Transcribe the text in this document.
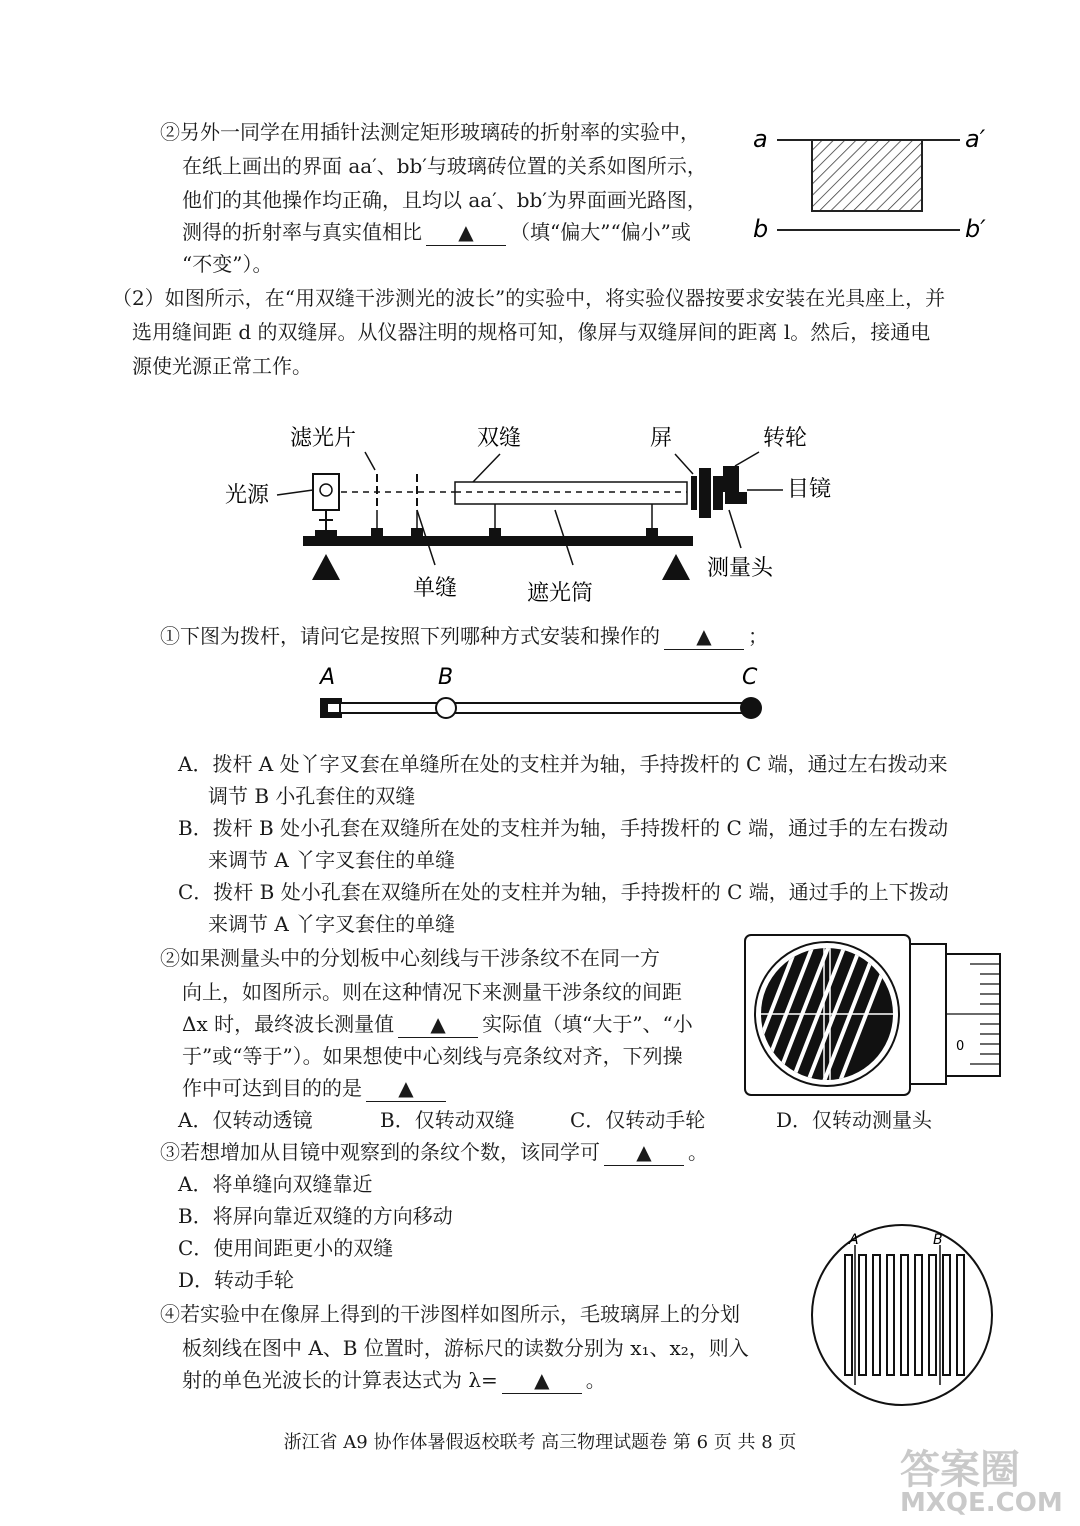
②另外一同学在用插针法测定矩形玻璃砖的折射率的实验中，
在纸上画出的界面 aa′、bb′与玻璃砖位置的关系如图所示，
他们的其他操作均正确，且均以 aa′、bb′为界面画光路图，
测得的折射率与真实值相比 ▲ （填“偏大”“偏小”或
“不变”）。
a	a′
b	b′
（2）如图所示，在“用双缝干涉测光的波长”的实验中，将实验仪器按要求安装在光具座上，并
选用缝间距 d 的双缝屏。从仪器注明的规格可知，像屏与双缝屏间的距离 l。然后，接通电
源使光源正常工作。
滤光片	双缝	屏	转轮
光源	目镜
单缝	遮光筒
测量头
①下图为拨杆，请问它是按照下列哪种方式安装和操作的 ▲ ；
A	B	C
A．拨杆 A 处丫字叉套在单缝所在处的支柱并为轴，手持拨杆的 C 端，通过左右拨动来
调节 B 小孔套住的双缝
B．拨杆 B 处小孔套在双缝所在处的支柱并为轴，手持拨杆的 C 端，通过手的左右拨动
来调节 A 丫字叉套住的单缝
C．拨杆 B 处小孔套在双缝所在处的支柱并为轴，手持拨杆的 C 端，通过手的上下拨动
来调节 A 丫字叉套住的单缝
②如果测量头中的分划板中心刻线与干涉条纹不在同一方
向上，如图所示。则在这种情况下来测量干涉条纹的间距
Δx 时，最终波长测量值 ▲ 实际值（填“大于”、“小
于”或“等于”）。如果想使中心刻线与亮条纹对齐，下列操
作中可达到目的的是 ▲
A．仅转动透镜	B．仅转动双缝	C．仅转动手轮	D．仅转动测量头
0
③若想增加从目镜中观察到的条纹个数，该同学可 ▲ 。
A．将单缝向双缝靠近
B．将屏向靠近双缝的方向移动
C．使用间距更小的双缝
D．转动手轮
④若实验中在像屏上得到的干涉图样如图所示，毛玻璃屏上的分划
板刻线在图中 A、B 位置时，游标尺的读数分别为 x₁、x₂，则入
射的单色光波长的计算表达式为 λ= ▲ 。
A	B
浙江省 A9 协作体暑假返校联考 高三物理试题卷 第 6 页 共 8 页
答案圈
MXQE.COM
